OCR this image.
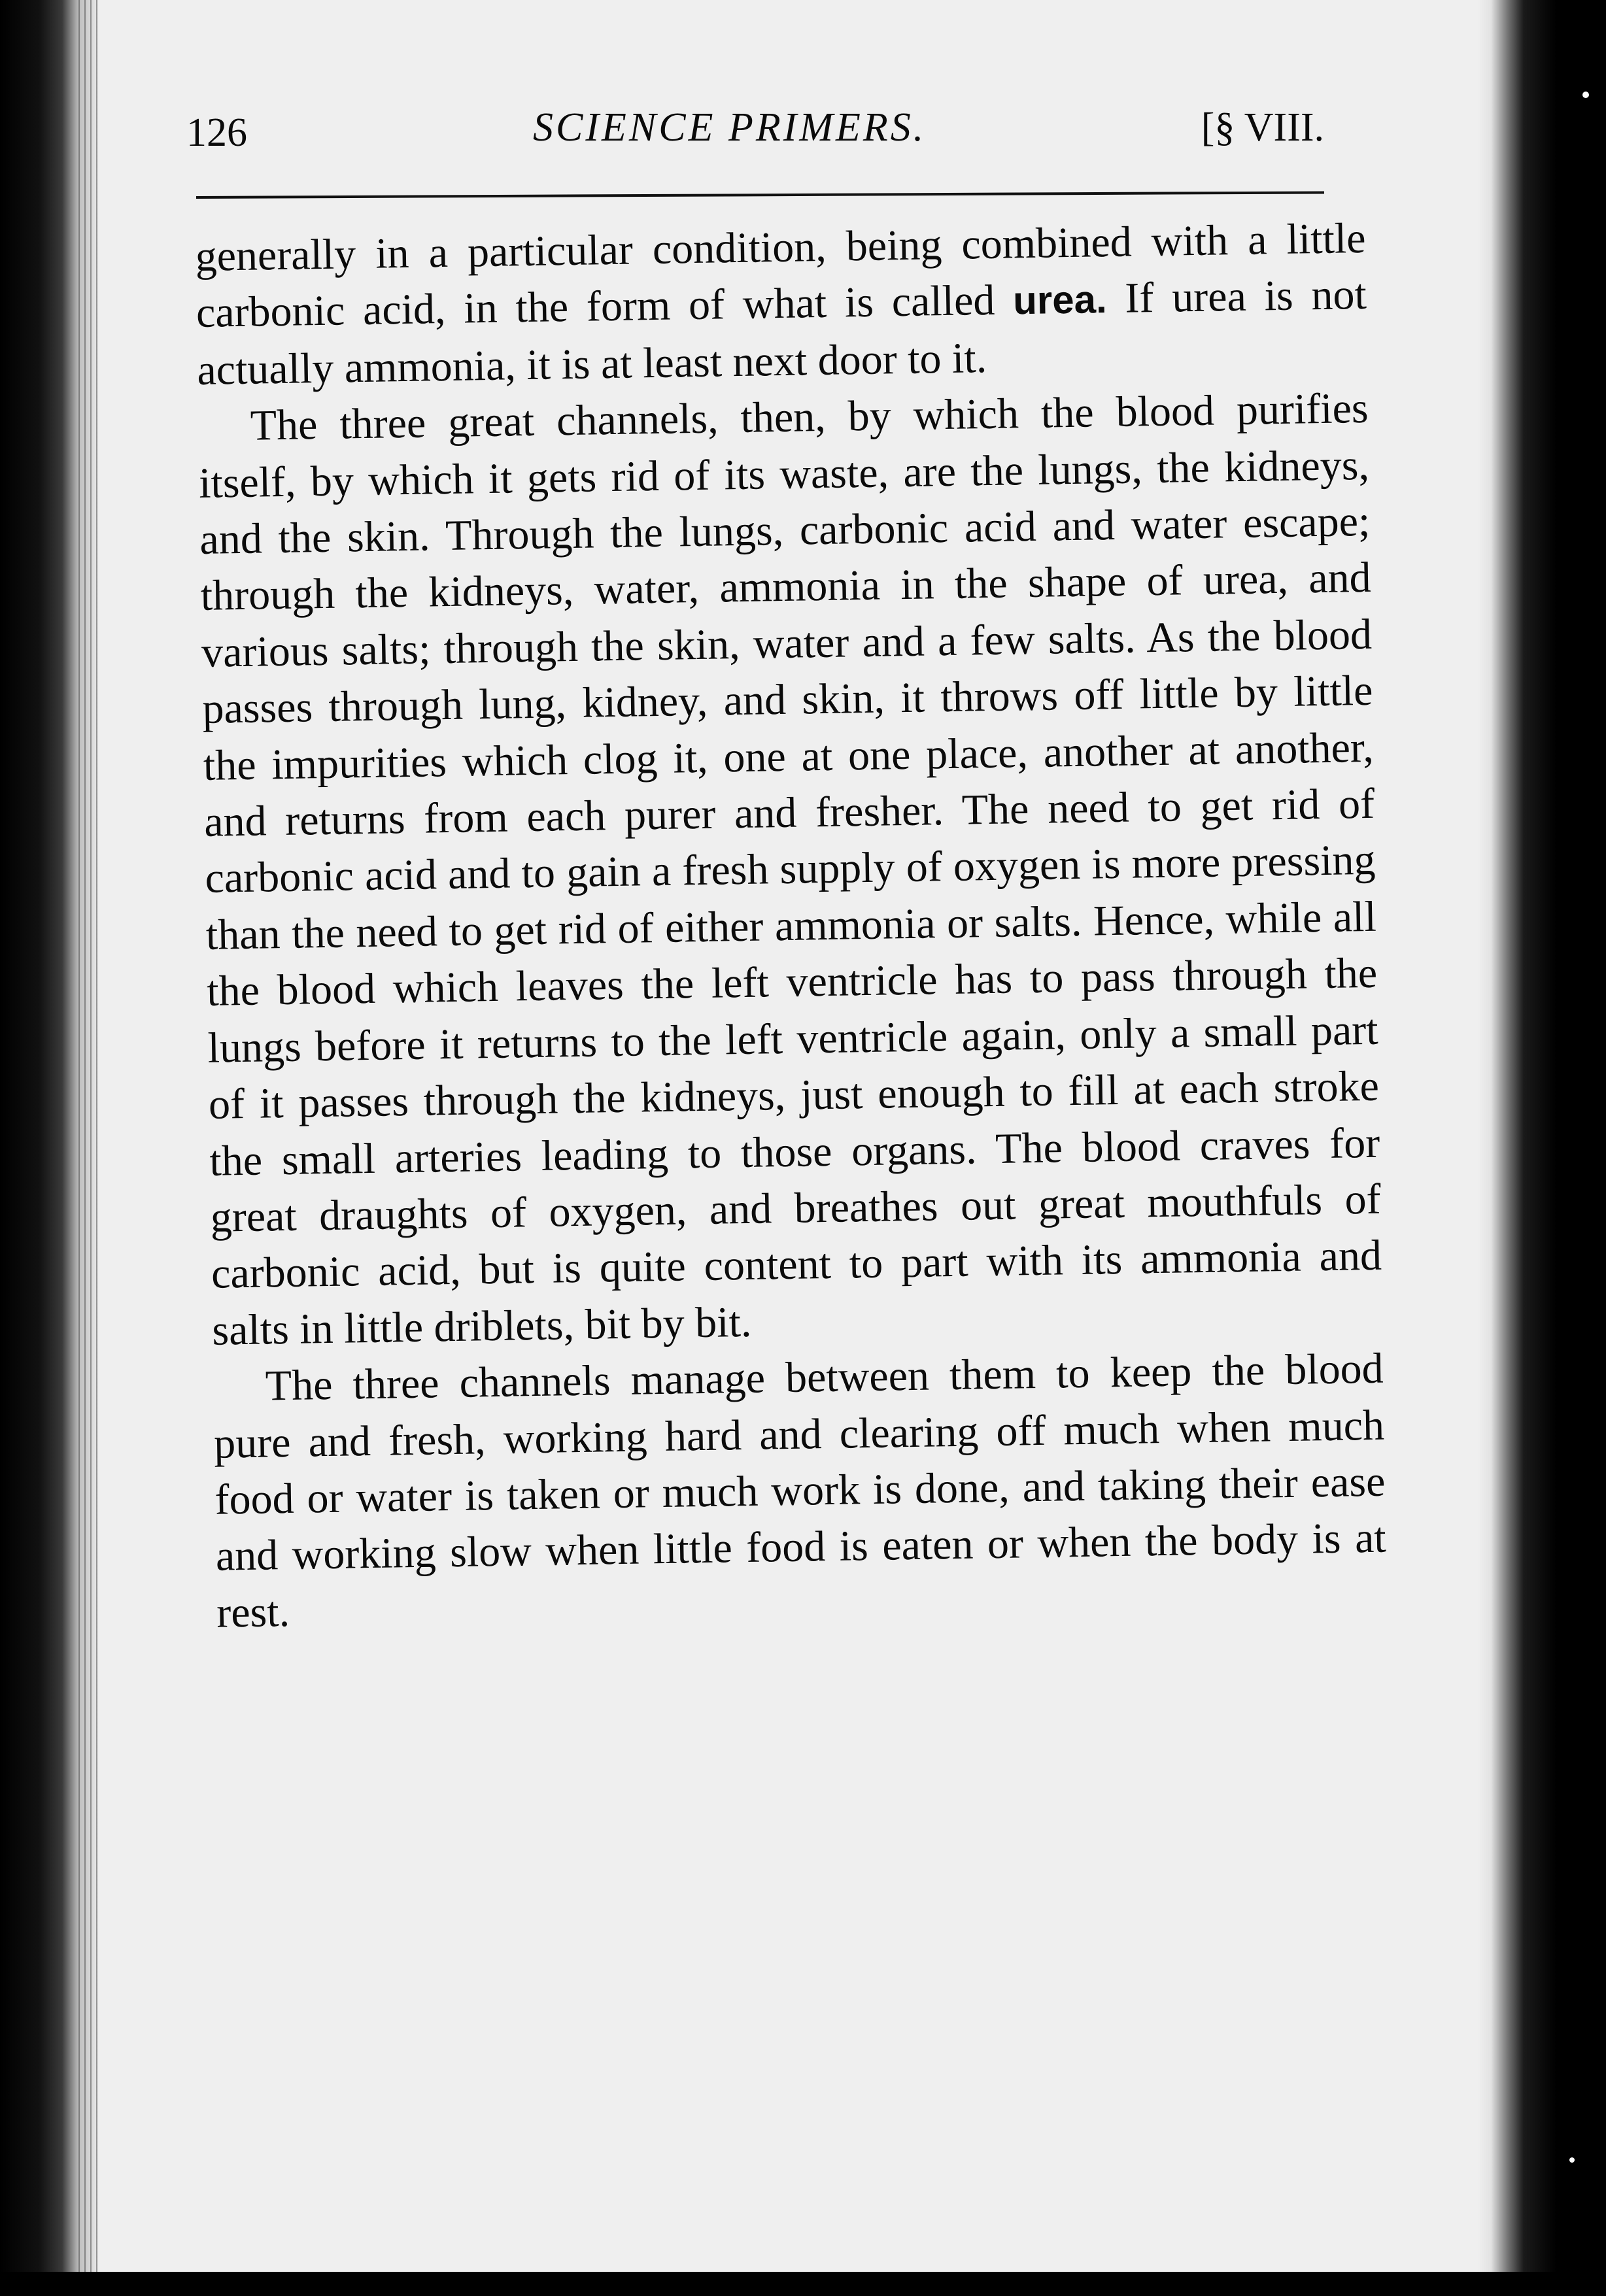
126	SCIENCE PRIMERS.	[§ VIII.

generally in a particular condition, being combined with a little carbonic acid, in the form of what is called urea. If urea is not actually ammonia, it is at least next door to it.

The three great channels, then, by which the blood purifies itself, by which it gets rid of its waste, are the lungs, the kidneys, and the skin. Through the lungs, carbonic acid and water escape; through the kidneys, water, ammonia in the shape of urea, and various salts; through the skin, water and a few salts. As the blood passes through lung, kidney, and skin, it throws off little by little the impurities which clog it, one at one place, another at another, and returns from each purer and fresher. The need to get rid of carbonic acid and to gain a fresh supply of oxygen is more pressing than the need to get rid of either ammonia or salts. Hence, while all the blood which leaves the left ventricle has to pass through the lungs before it returns to the left ventricle again, only a small part of it passes through the kidneys, just enough to fill at each stroke the small arteries leading to those organs. The blood craves for great draughts of oxygen, and breathes out great mouthfuls of carbonic acid, but is quite content to part with its ammonia and salts in little driblets, bit by bit.

The three channels manage between them to keep the blood pure and fresh, working hard and clearing off much when much food or water is taken or much work is done, and taking their ease and working slow when little food is eaten or when the body is at rest.
